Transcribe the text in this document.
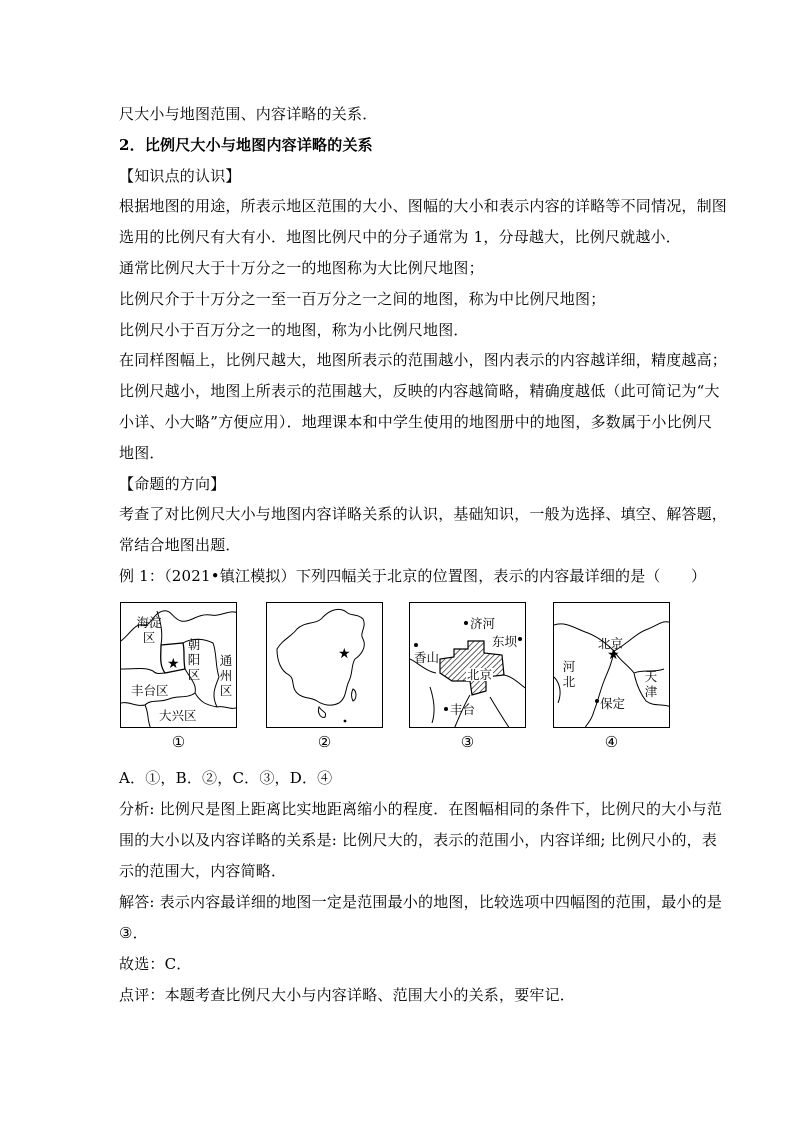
尺大小与地图范围、内容详略的关系．
2．比例尺大小与地图内容详略的关系
【知识点的认识】
根据地图的用途，所表示地区范围的大小、图幅的大小和表示内容的详略等不同情况，制图
选用的比例尺有大有小．地图比例尺中的分子通常为 1，分母越大，比例尺就越小．
通常比例尺大于十万分之一的地图称为大比例尺地图；
比例尺介于十万分之一至一百万分之一之间的地图，称为中比例尺地图；
比例尺小于百万分之一的地图，称为小比例尺地图．
在同样图幅上，比例尺越大，地图所表示的范围越小，图内表示的内容越详细，精度越高；
比例尺越小，地图上所表示的范围越大，反映的内容越简略，精确度越低（此可简记为“大
小详、小大略”方便应用）．地理课本和中学生使用的地图册中的地图，多数属于小比例尺
地图．
【命题的方向】
考查了对比例尺大小与地图内容详略关系的认识，基础知识，一般为选择、填空、解答题，
常结合地图出题．
例 1：（2021•镇江模拟）下列四幅关于北京的位置图，表示的内容最详细的是（　　）
海淀区	朝阳区
通州区
丰台区
大兴区
★
①
★
②
济河
东坝
香山
北京
丰台
③
北京
★
河北	天津
保定
④
A．①，B．②，C．③，D．④
分析: 比例尺是图上距离比实地距离缩小的程度．在图幅相同的条件下，比例尺的大小与范
围的大小以及内容详略的关系是: 比例尺大的，表示的范围小，内容详细; 比例尺小的，表
示的范围大，内容简略．
解答: 表示内容最详细的地图一定是范围最小的地图，比较选项中四幅图的范围，最小的是
③．
故选：C．
点评：本题考查比例尺大小与内容详略、范围大小的关系，要牢记．
